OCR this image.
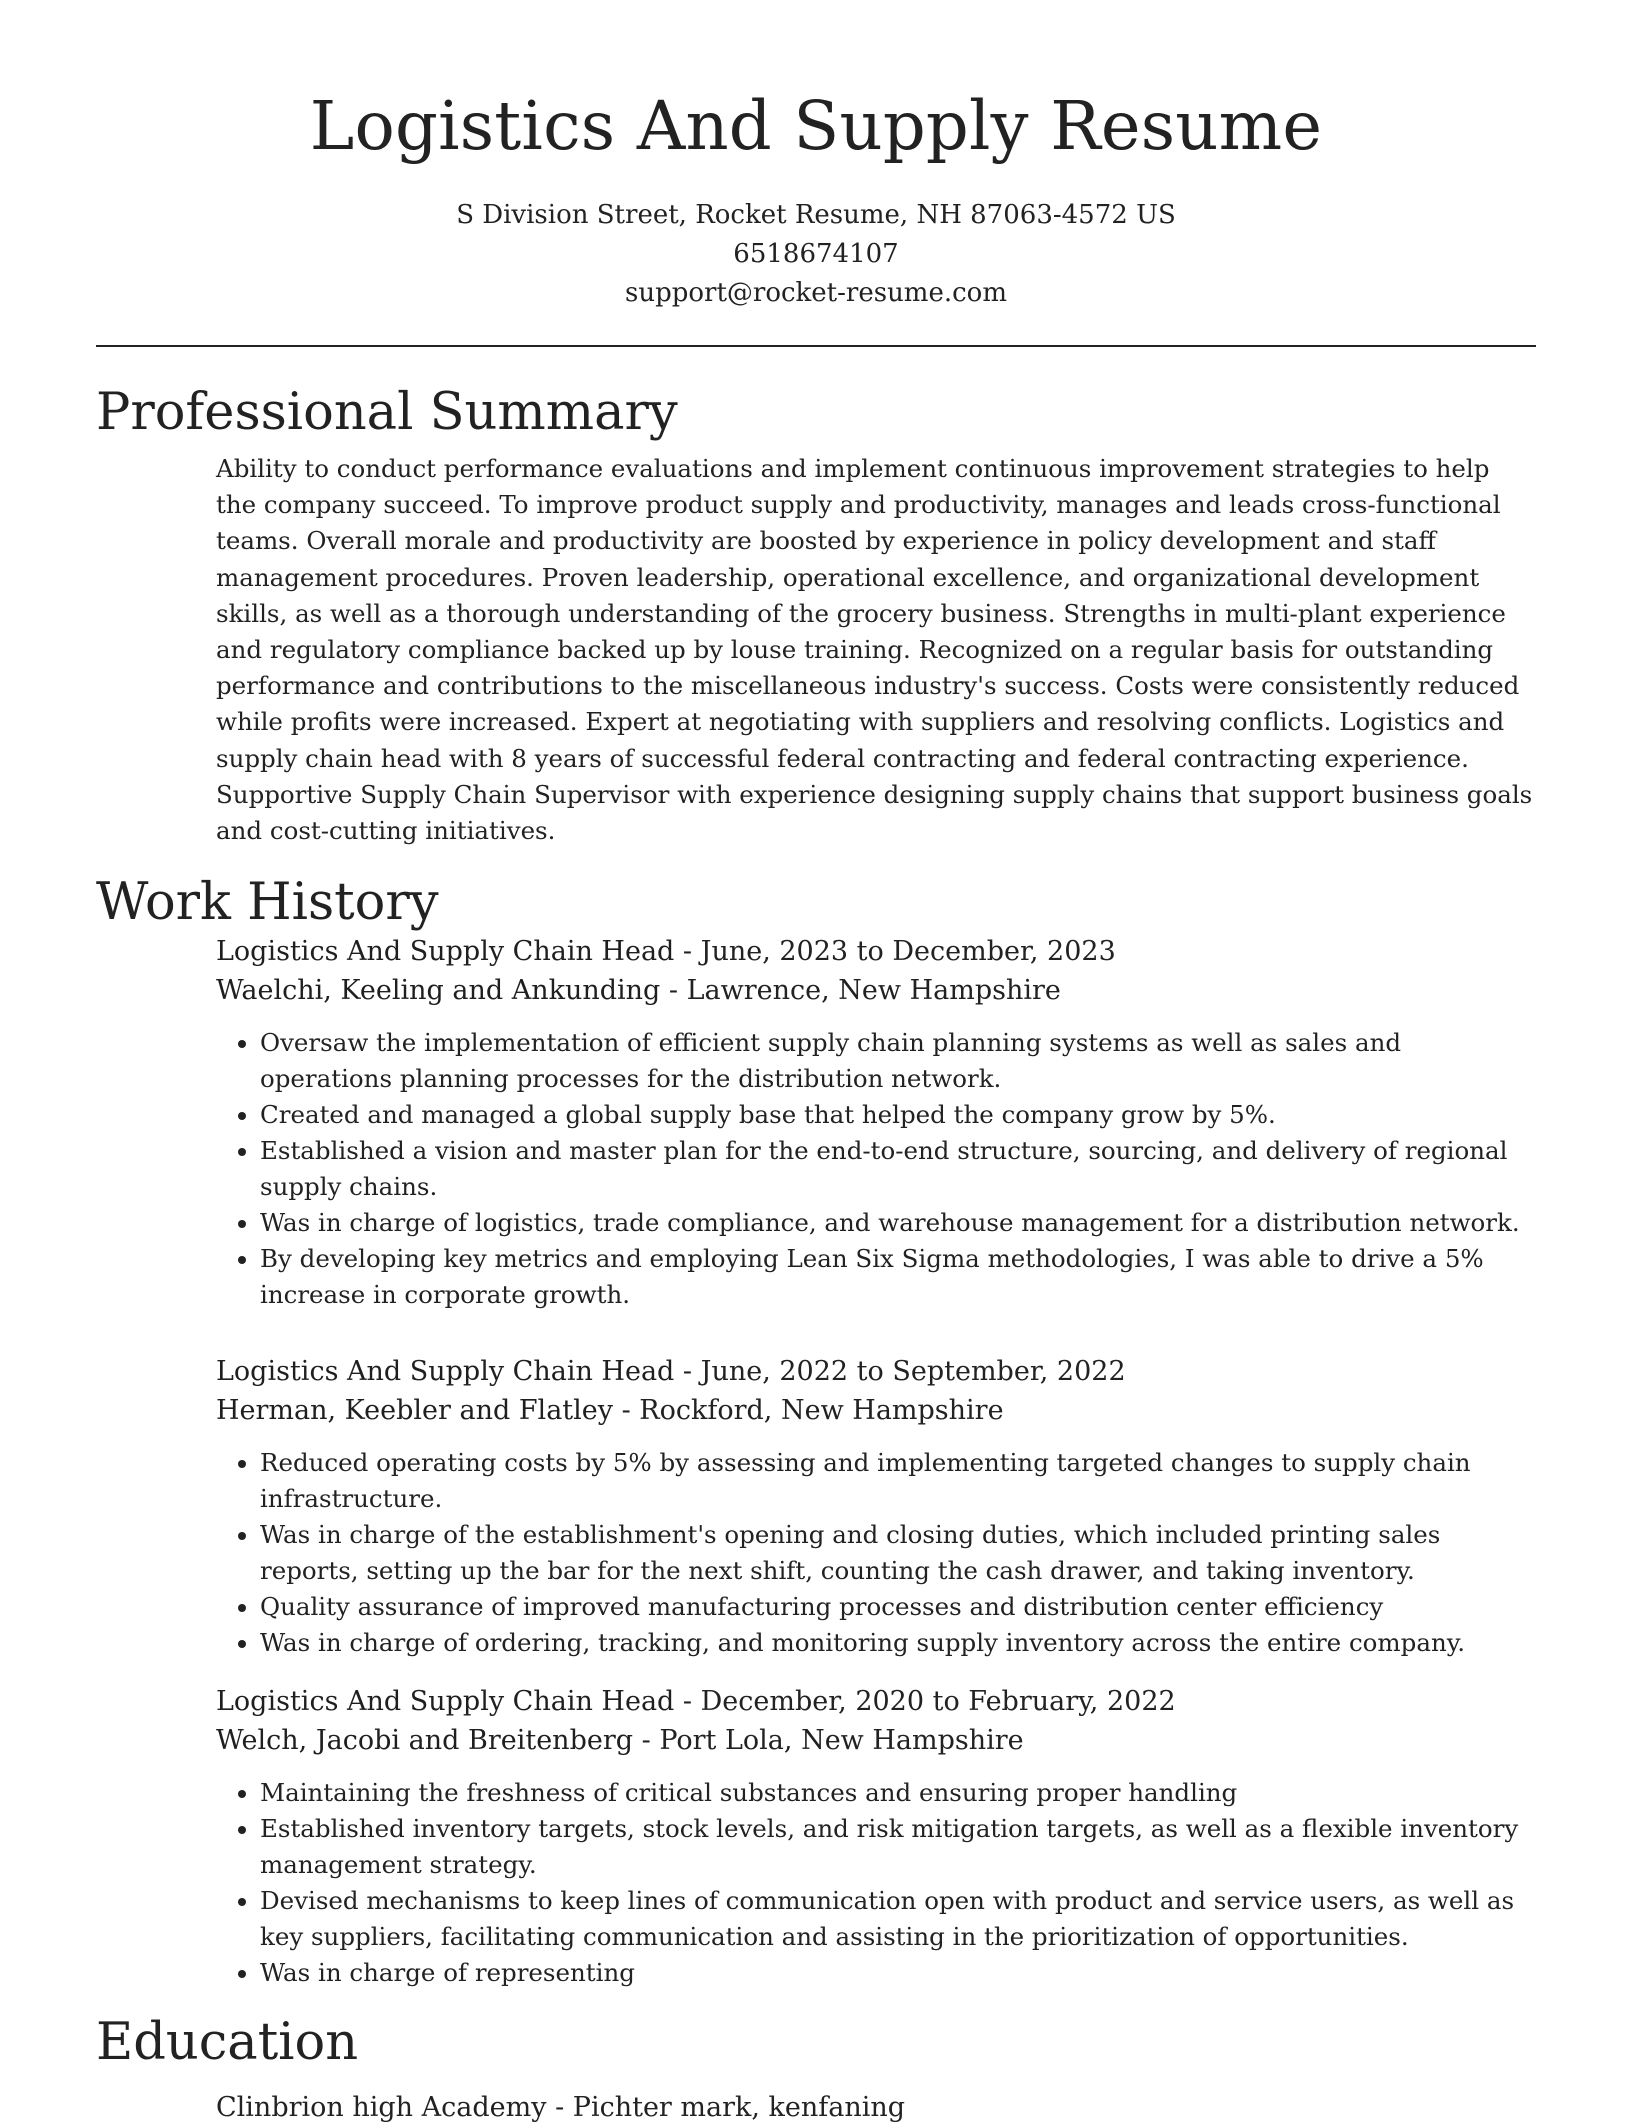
Logistics And Supply Resume
S Division Street, Rocket Resume, NH 87063-4572 US
6518674107
support@rocket-resume.com
Professional Summary

Ability to conduct performance evaluations and implement continuous improvement strategies to help the company succeed. To improve product supply and productivity, manages and leads cross-functional teams. Overall morale and productivity are boosted by experience in policy development and staff management procedures. Proven leadership, operational excellence, and organizational development skills, as well as a thorough understanding of the grocery business. Strengths in multi-plant experience and regulatory compliance backed up by louse training. Recognized on a regular basis for outstanding performance and contributions to the miscellaneous industry's success. Costs were consistently reduced while profits were increased. Expert at negotiating with suppliers and resolving conflicts. Logistics and supply chain head with 8 years of successful federal contracting and federal contracting experience. Supportive Supply Chain Supervisor with experience designing supply chains that support business goals and cost-cutting initiatives.

Work History
Logistics And Supply Chain Head - June, 2023 to December, 2023
Waelchi, Keeling and Ankunding - Lawrence, New Hampshire
• Oversaw the implementation of efficient supply chain planning systems as well as sales and operations planning processes for the distribution network.
• Created and managed a global supply base that helped the company grow by 5%.
• Established a vision and master plan for the end-to-end structure, sourcing, and delivery of regional supply chains.
• Was in charge of logistics, trade compliance, and warehouse management for a distribution network.
• By developing key metrics and employing Lean Six Sigma methodologies, I was able to drive a 5% increase in corporate growth.
Logistics And Supply Chain Head - June, 2022 to September, 2022
Herman, Keebler and Flatley - Rockford, New Hampshire
• Reduced operating costs by 5% by assessing and implementing targeted changes to supply chain infrastructure.
• Was in charge of the establishment's opening and closing duties, which included printing sales reports, setting up the bar for the next shift, counting the cash drawer, and taking inventory.
• Quality assurance of improved manufacturing processes and distribution center efficiency
• Was in charge of ordering, tracking, and monitoring supply inventory across the entire company.
Logistics And Supply Chain Head - December, 2020 to February, 2022
Welch, Jacobi and Breitenberg - Port Lola, New Hampshire
• Maintaining the freshness of critical substances and ensuring proper handling
• Established inventory targets, stock levels, and risk mitigation targets, as well as a flexible inventory management strategy.
• Devised mechanisms to keep lines of communication open with product and service users, as well as key suppliers, facilitating communication and assisting in the prioritization of opportunities.
• Was in charge of representing
Education
Clinbrion high Academy - Pichter mark, kenfaning
